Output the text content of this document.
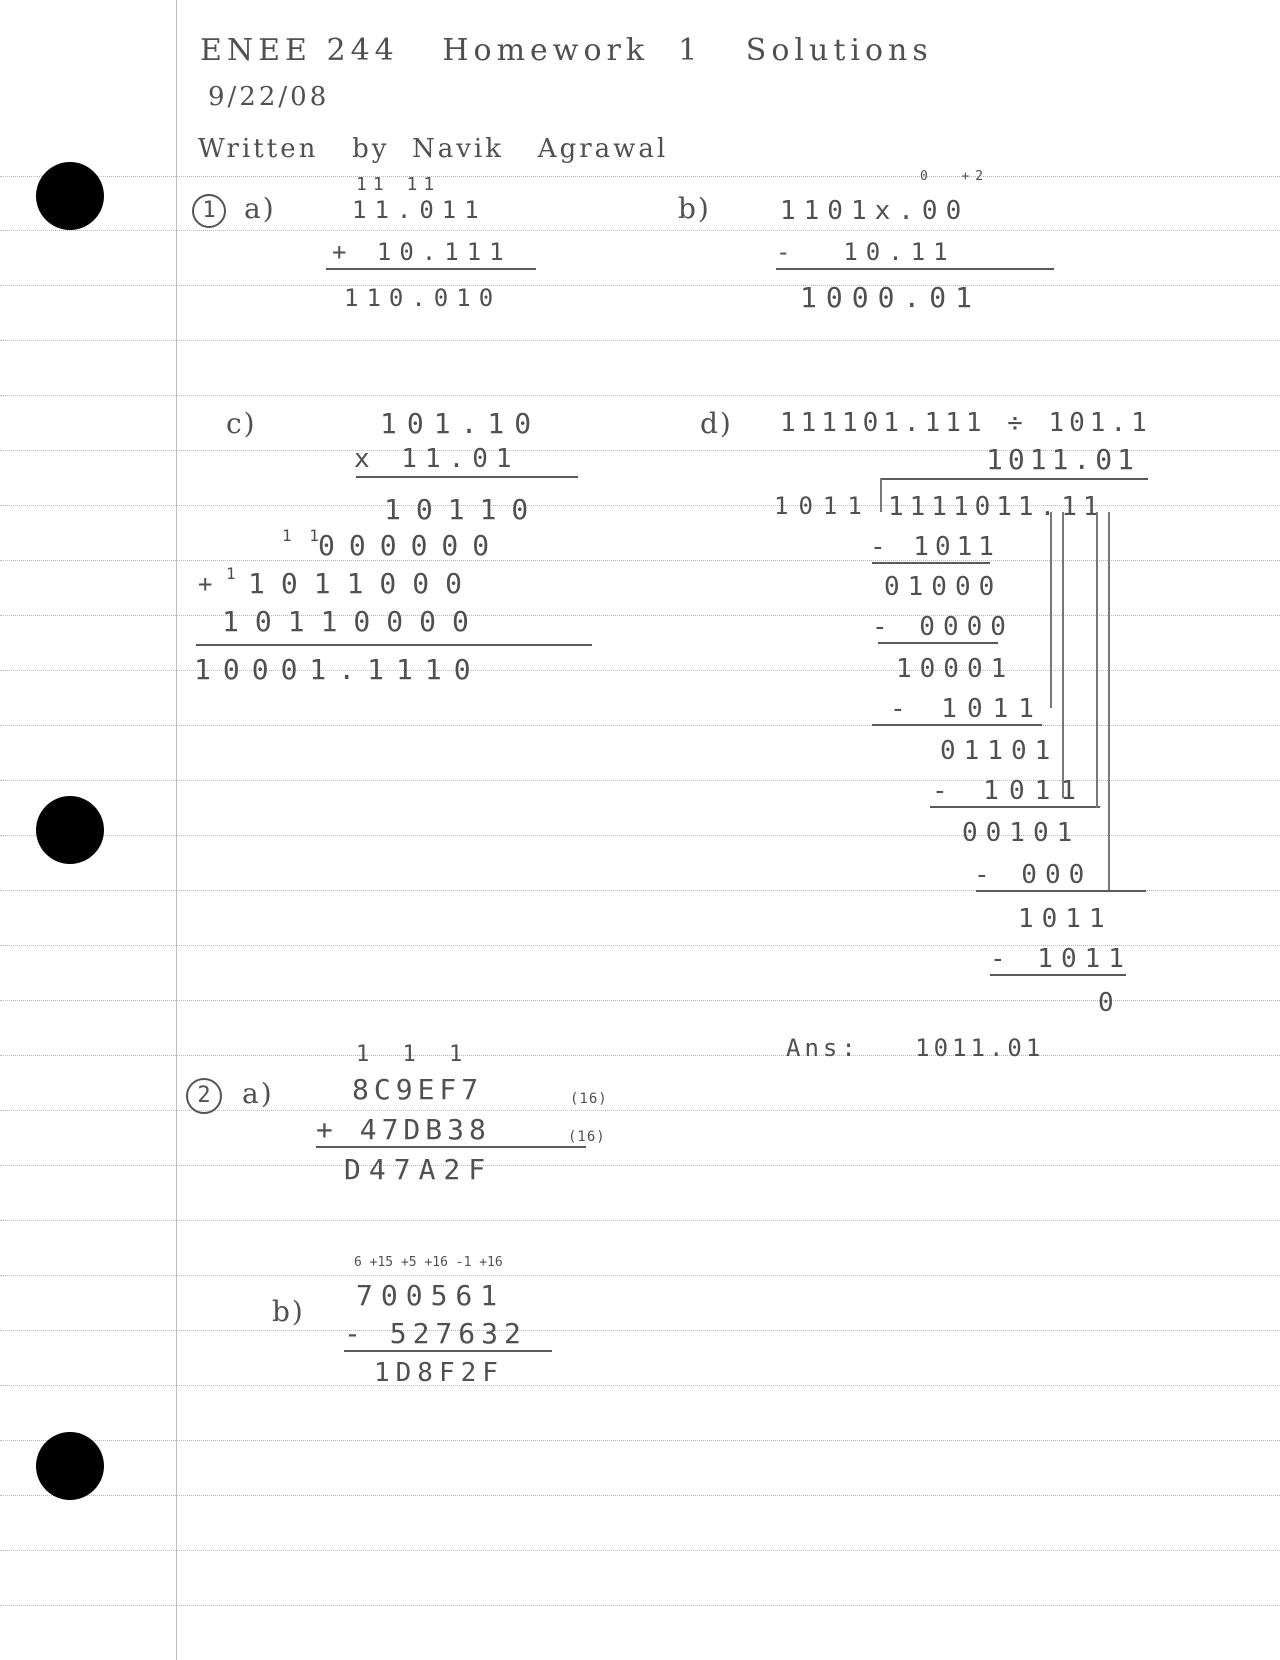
ENEE 244   Homework  1   Solutions
9/22/08
Written   by  Navik   Agrawal
1	a)
11 11
11.011
+ 10.111
110.010
b)
0  +2
1101x.00
-  10.11
1000.01
c)	101.10
x 11.01
10110
1 1
000000
+ 1 1011000
10110000
10001.1110
d) 111101.111 ÷ 101.1
1011.01
1011 1111011.11
- 1011
01000
- 0000
10001
- 1011
01101
- 1011
00101
- 000
1011
- 1011
0
Ans:   1011.01
1 1 1
2	a)	8C9EF7	(16)
+ 47DB38	(16)
D47A2F
6 +15 +5 +16 -1 +16
b) 700561
- 527632
1D8F2F
